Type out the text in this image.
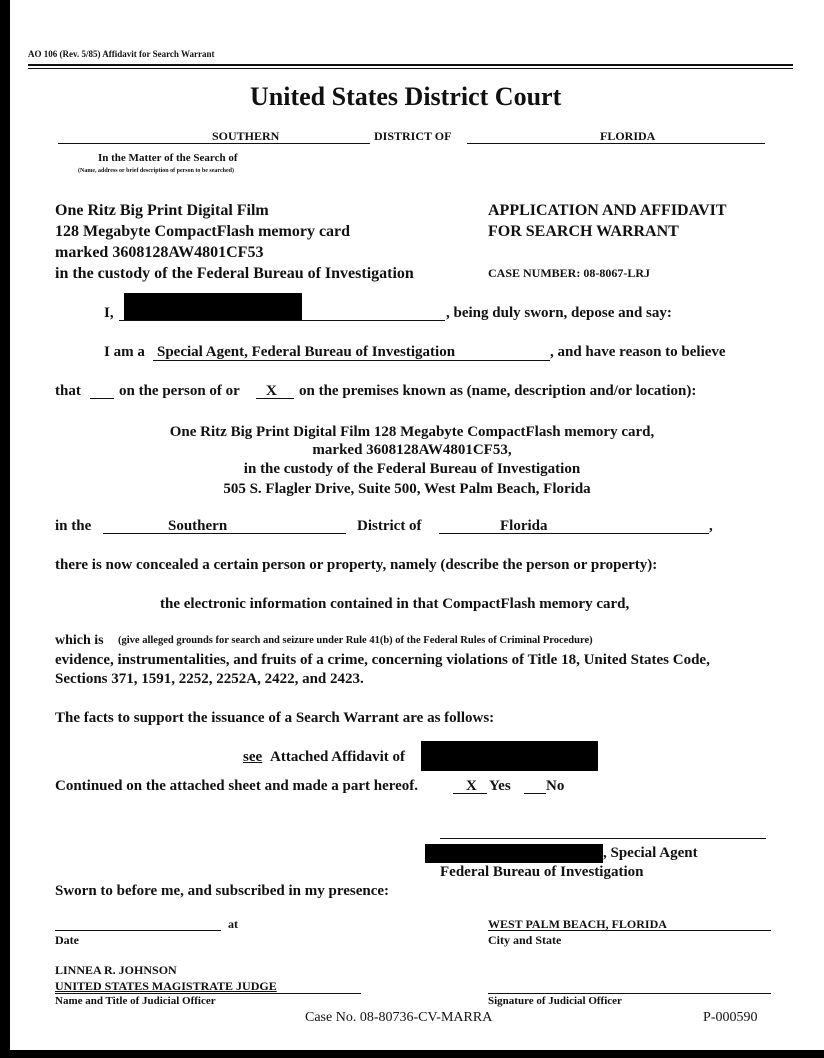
AO 106 (Rev. 5/85) Affidavit for Search Warrant
United States District Court
SOUTHERN	DISTRICT OF	FLORIDA
In the Matter of the Search of
(Name, address or brief description of person to be searched)
One Ritz Big Print Digital Film
128 Megabyte CompactFlash memory card
marked 3608128AW4801CF53
in the custody of the Federal Bureau of Investigation
APPLICATION AND AFFIDAVIT
FOR SEARCH WARRANT
CASE NUMBER: 08-8067-LRJ
I,	, being duly sworn, depose and say:
I am a Special Agent, Federal Bureau of Investigation	, and have reason to believe
that	on the person of or X on the premises known as (name, description and/or location):
One Ritz Big Print Digital Film 128 Megabyte CompactFlash memory card,
marked 3608128AW4801CF53,
in the custody of the Federal Bureau of Investigation
505 S. Flagler Drive, Suite 500, West Palm Beach, Florida
in the	Southern	District of	Florida	,
there is now concealed a certain person or property, namely (describe the person or property):
the electronic information contained in that CompactFlash memory card,
which is (give alleged grounds for search and seizure under Rule 41(b) of the Federal Rules of Criminal Procedure)
evidence, instrumentalities, and fruits of a crime, concerning violations of Title 18, United States Code,
Sections 371, 1591, 2252, 2252A, 2422, and 2423.
The facts to support the issuance of a Search Warrant are as follows:
see Attached Affidavit of
Continued on the attached sheet and made a part hereof.	X Yes No
, Special Agent
Federal Bureau of Investigation
Sworn to before me, and subscribed in my presence:
at
Date
WEST PALM BEACH, FLORIDA
City and State
LINNEA R. JOHNSON
UNITED STATES MAGISTRATE JUDGE
Name and Title of Judicial Officer	Signature of Judicial Officer
Case No. 08-80736-CV-MARRA	P-000590
